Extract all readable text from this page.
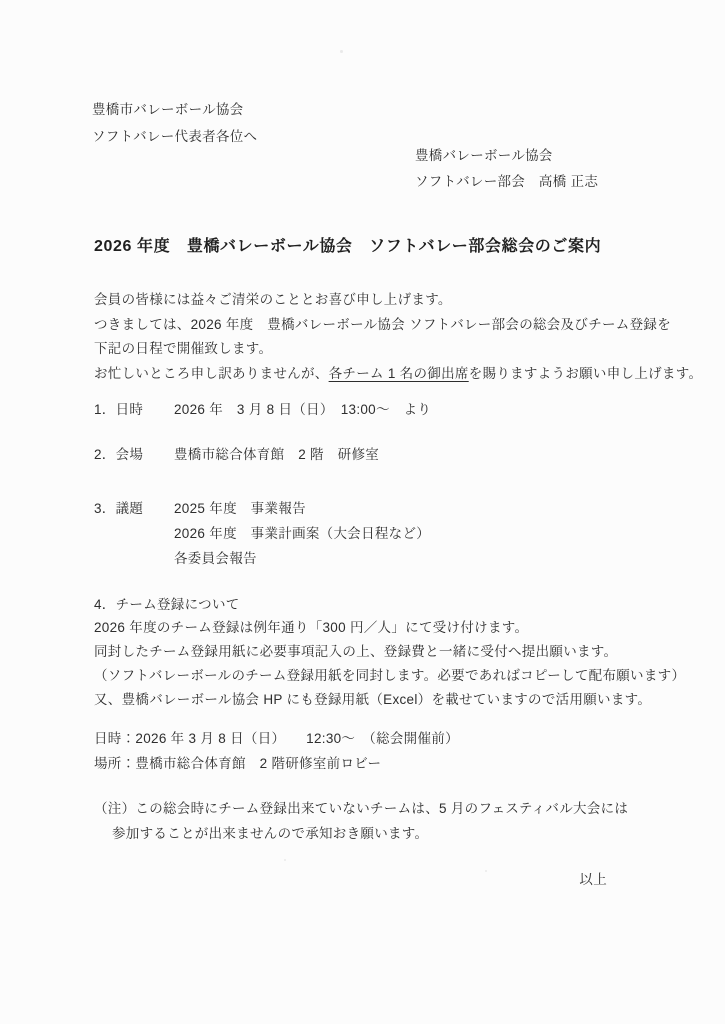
豊橋市バレーボール協会
ソフトバレー代表者各位へ
豊橋バレーボール協会
ソフトバレー部会　高橋 正志
2026 年度　豊橋バレーボール協会　ソフトバレー部会総会のご案内
会員の皆様には益々ご清栄のこととお喜び申し上げます。
つきましては、2026 年度　豊橋バレーボール協会 ソフトバレー部会の総会及びチーム登録を
下記の日程で開催致します。
お忙しいところ申し訳ありませんが、各チーム 1 名の御出席を賜りますようお願い申し上げます。
1．日時	2026 年　3 月 8 日（日）　13:00～　より
2．会場	豊橋市総合体育館　2 階　研修室
3．議題	2025 年度　事業報告
2026 年度　事業計画案（大会日程など）
各委員会報告
4．チーム登録について
2026 年度のチーム登録は例年通り「300 円／人」にて受け付けます。
同封したチーム登録用紙に必要事項記入の上、登録費と一緒に受付へ提出願います。
（ソフトバレーボールのチーム登録用紙を同封します。必要であればコピーして配布願います）
又、豊橋バレーボール協会 HP にも登録用紙（Excel）を載せていますので活用願います。
日時：2026 年 3 月 8 日（日）　　12:30～　（総会開催前）
場所：豊橋市総合体育館　2 階研修室前ロビー
（注）この総会時にチーム登録出来ていないチームは、5 月のフェスティバル大会には
参加することが出来ませんので承知おき願います。
以上
